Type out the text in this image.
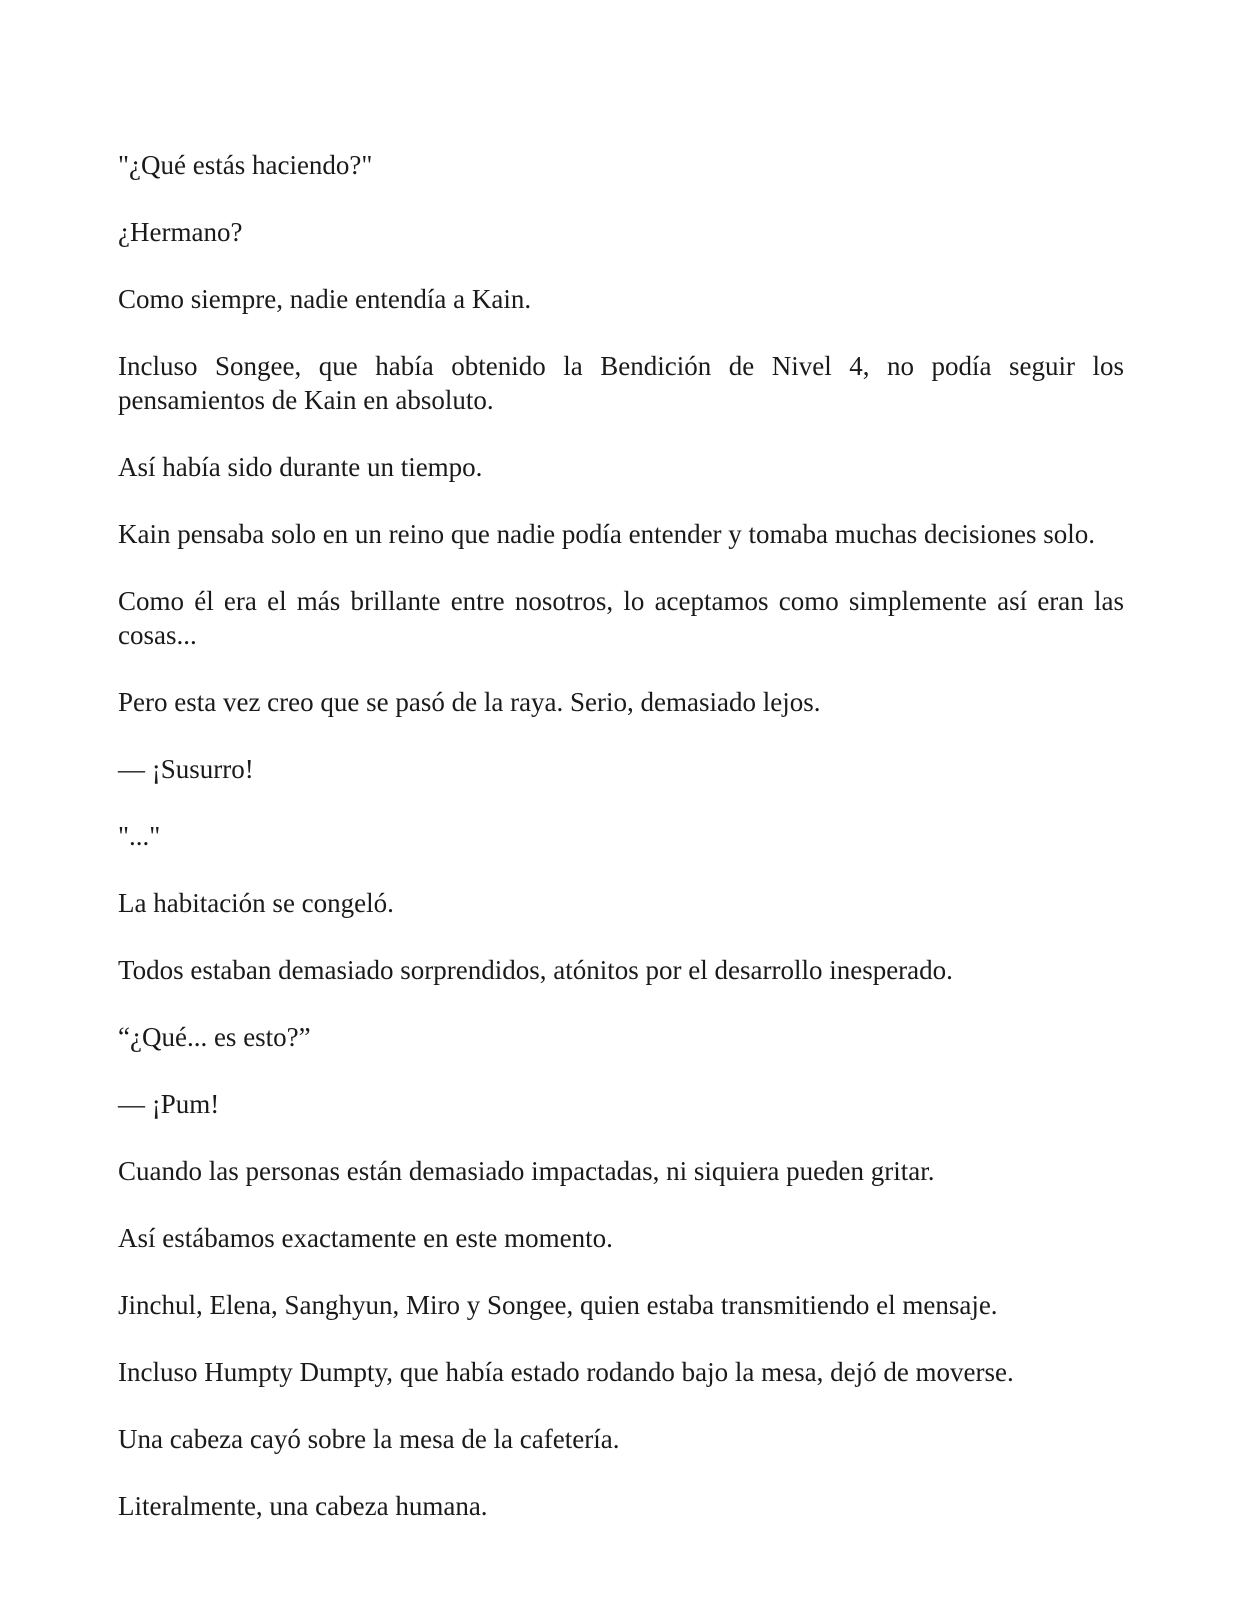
"¿Qué estás haciendo?"

¿Hermano?

Como siempre, nadie entendía a Kain.

Incluso Songee, que había obtenido la Bendición de Nivel 4, no podía seguir los pensamientos de Kain en absoluto.

Así había sido durante un tiempo.

Kain pensaba solo en un reino que nadie podía entender y tomaba muchas decisiones solo.

Como él era el más brillante entre nosotros, lo aceptamos como simplemente así eran las cosas...

Pero esta vez creo que se pasó de la raya. Serio, demasiado lejos.

— ¡Susurro!

"..."

La habitación se congeló.

Todos estaban demasiado sorprendidos, atónitos por el desarrollo inesperado.

“¿Qué... es esto?”

— ¡Pum!

Cuando las personas están demasiado impactadas, ni siquiera pueden gritar.

Así estábamos exactamente en este momento.

Jinchul, Elena, Sanghyun, Miro y Songee, quien estaba transmitiendo el mensaje.

Incluso Humpty Dumpty, que había estado rodando bajo la mesa, dejó de moverse.

Una cabeza cayó sobre la mesa de la cafetería.

Literalmente, una cabeza humana.
